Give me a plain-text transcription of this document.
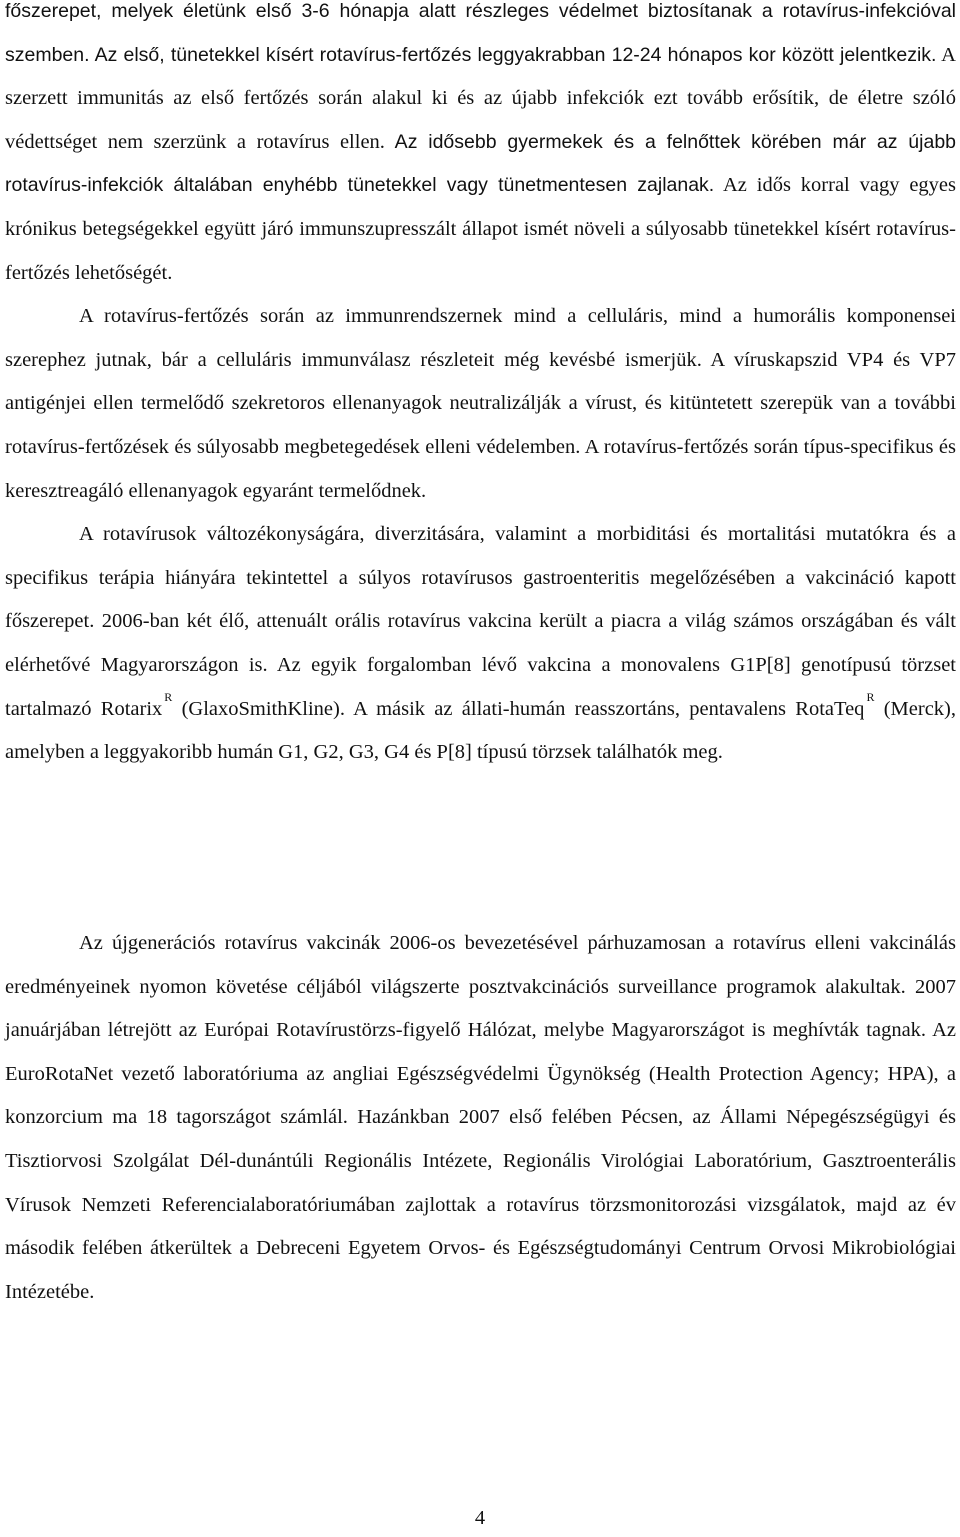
főszerepet, melyek életünk első 3-6 hónapja alatt részleges védelmet biztosítanak a rotavírus-infekcióval szemben. Az első, tünetekkel kísért rotavírus-fertőzés leggyakrabban 12-24 hónapos kor között jelentkezik. A szerzett immunitás az első fertőzés során alakul ki és az újabb infekciók ezt tovább erősítik, de életre szóló védettséget nem szerzünk a rotavírus ellen. Az idősebb gyermekek és a felnőttek körében már az újabb rotavírus-infekciók általában enyhébb tünetekkel vagy tünetmentesen zajlanak. Az idős korral vagy egyes krónikus betegségekkel együtt járó immunszupresszált állapot ismét növeli a súlyosabb tünetekkel kísért rotavírus-fertőzés lehetőségét.

A rotavírus-fertőzés során az immunrendszernek mind a celluláris, mind a humorális komponensei szerephez jutnak, bár a celluláris immunválasz részleteit még kevésbé ismerjük. A víruskapszid VP4 és VP7 antigénjei ellen termelődő szekretoros ellenanyagok neutralizálják a vírust, és kitüntetett szerepük van a további rotavírus-fertőzések és súlyosabb megbetegedések elleni védelemben. A rotavírus-fertőzés során típus-specifikus és keresztreagáló ellenanyagok egyaránt termelődnek.

A rotavírusok változékonyságára, diverzitására, valamint a morbiditási és mortalitási mutatókra és a specifikus terápia hiányára tekintettel a súlyos rotavírusos gastroenteritis megelőzésében a vakcináció kapott főszerepet. 2006-ban két élő, attenuált orális rotavírus vakcina került a piacra a világ számos országában és vált elérhetővé Magyarországon is. Az egyik forgalomban lévő vakcina a monovalens G1P[8] genotípusú törzset tartalmazó Rotarix$^R$ (GlaxoSmithKline). A másik az állati-humán reasszortáns, pentavalens RotaTeq$^R$ (Merck), amelyben a leggyakoribb humán G1, G2, G3, G4 és P[8] típusú törzsek találhatók meg.

Az újgenerációs rotavírus vakcinák 2006-os bevezetésével párhuzamosan a rotavírus elleni vakcinálás eredményeinek nyomon követése céljából világszerte posztvakcinációs surveillance programok alakultak. 2007 januárjában létrejött az Európai Rotavírustörzs-figyelő Hálózat, melybe Magyarországot is meghívták tagnak. Az EuroRotaNet vezető laboratóriuma az angliai Egészségvédelmi Ügynökség (Health Protection Agency; HPA), a konzorcium ma 18 tagországot számlál. Hazánkban 2007 első felében Pécsen, az Állami Népegészségügyi és Tisztiorvosi Szolgálat Dél-dunántúli Regionális Intézete, Regionális Virológiai Laboratórium, Gasztroenterális Vírusok Nemzeti Referencialaboratóriumában zajlottak a rotavírus törzsmonitorozási vizsgálatok, majd az év második felében átkerültek a Debreceni Egyetem Orvos- és Egészségtudományi Centrum Orvosi Mikrobiológiai Intézetébe.

4
